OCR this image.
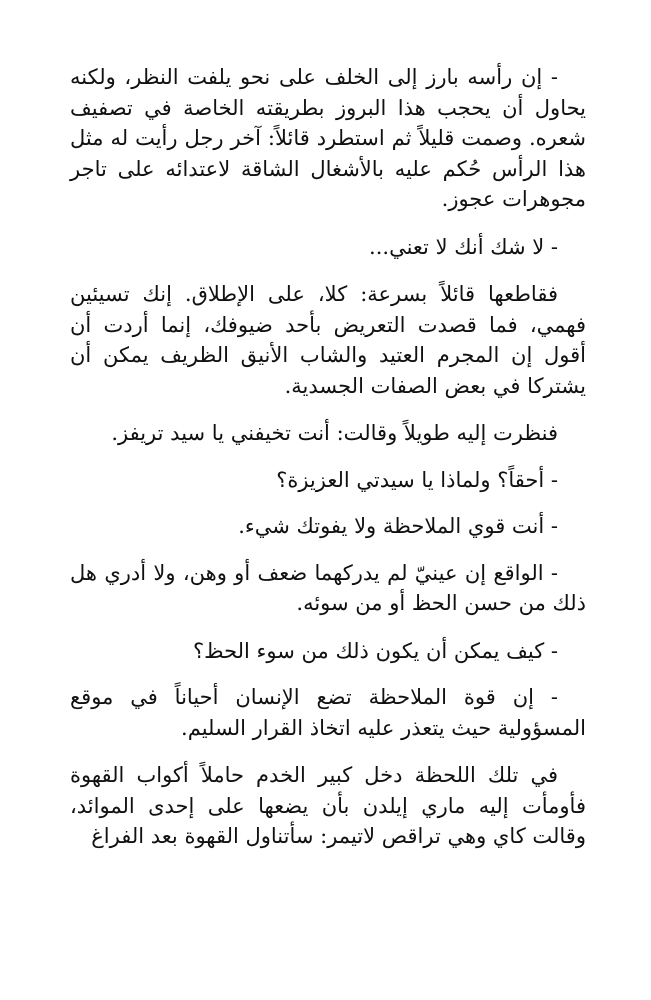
- إن رأسه بارز إلى الخلف على نحو يلفت النظر، ولكنه يحاول أن يحجب هذا البروز بطريقته الخاصة في تصفيف شعره. وصمت قليلاً ثم استطرد قائلاً: آخر رجل رأيت له مثل هذا الرأس حُكم عليه بالأشغال الشاقة لاعتدائه على تاجر مجوهرات عجوز.

- لا شك أنك لا تعني...

فقاطعها قائلاً بسرعة: كلا، على الإطلاق. إنك تسيئين فهمي، فما قصدت التعريض بأحد ضيوفك، إنما أردت أن أقول إن المجرم العتيد والشاب الأنيق الظريف يمكن أن يشتركا في بعض الصفات الجسدية.

فنظرت إليه طويلاً وقالت: أنت تخيفني يا سيد تريفز.

- أحقاً؟ ولماذا يا سيدتي العزيزة؟

- أنت قوي الملاحظة ولا يفوتك شيء.

- الواقع إن عينيّ لم يدركهما ضعف أو وهن، ولا أدري هل ذلك من حسن الحظ أو من سوئه.

- كيف يمكن أن يكون ذلك من سوء الحظ؟

- إن قوة الملاحظة تضع الإنسان أحياناً في موقع المسؤولية حيث يتعذر عليه اتخاذ القرار السليم.

في تلك اللحظة دخل كبير الخدم حاملاً أكواب القهوة فأومأت إليه ماري إيلدن بأن يضعها على إحدى الموائد، وقالت كاي وهي تراقص لاتيمر: سأتناول القهوة بعد الفراغ
